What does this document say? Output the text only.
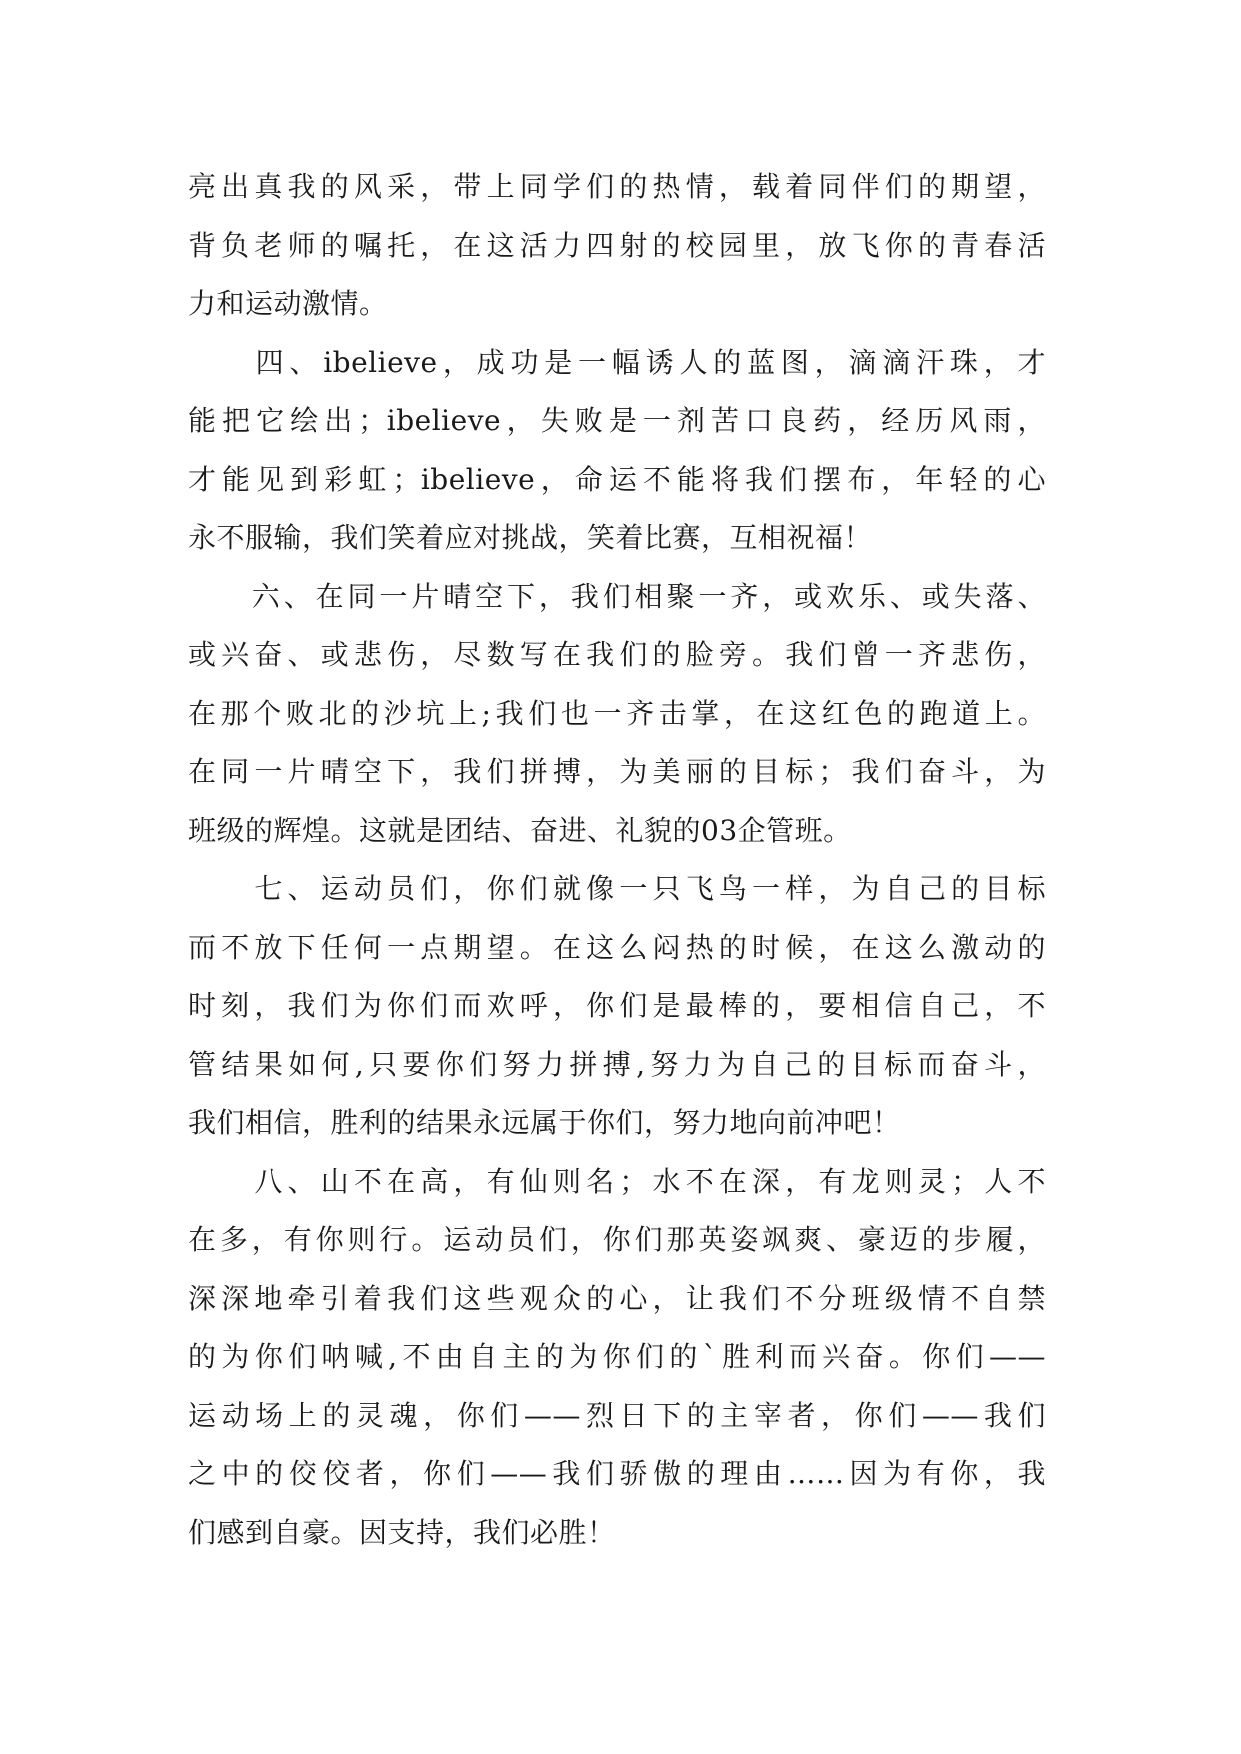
亮出真我的风采，带上同学们的热情，载着同伴们的期望，
背负老师的嘱托，在这活力四射的校园里，放飞你的青春活
力和运动激情。
　　四、ibelieve，成功是一幅诱人的蓝图，滴滴汗珠，才
能把它绘出；ibelieve，失败是一剂苦口良药，经历风雨，
才能见到彩虹；ibelieve，命运不能将我们摆布，年轻的心
永不服输，我们笑着应对挑战，笑着比赛，互相祝福！
　　六、在同一片晴空下，我们相聚一齐，或欢乐、或失落、
或兴奋、或悲伤，尽数写在我们的脸旁。我们曾一齐悲伤，
在那个败北的沙坑上;我们也一齐击掌，在这红色的跑道上。
在同一片晴空下，我们拼搏，为美丽的目标；我们奋斗，为
班级的辉煌。这就是团结、奋进、礼貌的03企管班。
　　七、运动员们，你们就像一只飞鸟一样，为自己的目标
而不放下任何一点期望。在这么闷热的时候，在这么激动的
时刻，我们为你们而欢呼，你们是最棒的，要相信自己，不
管结果如何,只要你们努力拼搏,努力为自己的目标而奋斗，
我们相信，胜利的结果永远属于你们，努力地向前冲吧！
　　八、山不在高，有仙则名；水不在深，有龙则灵；人不
在多，有你则行。运动员们，你们那英姿飒爽、豪迈的步履，
深深地牵引着我们这些观众的心，让我们不分班级情不自禁
的为你们呐喊,不由自主的为你们的`胜利而兴奋。你们——
运动场上的灵魂，你们——烈日下的主宰者，你们——我们
之中的佼佼者，你们——我们骄傲的理由……因为有你，我
们感到自豪。因支持，我们必胜！
